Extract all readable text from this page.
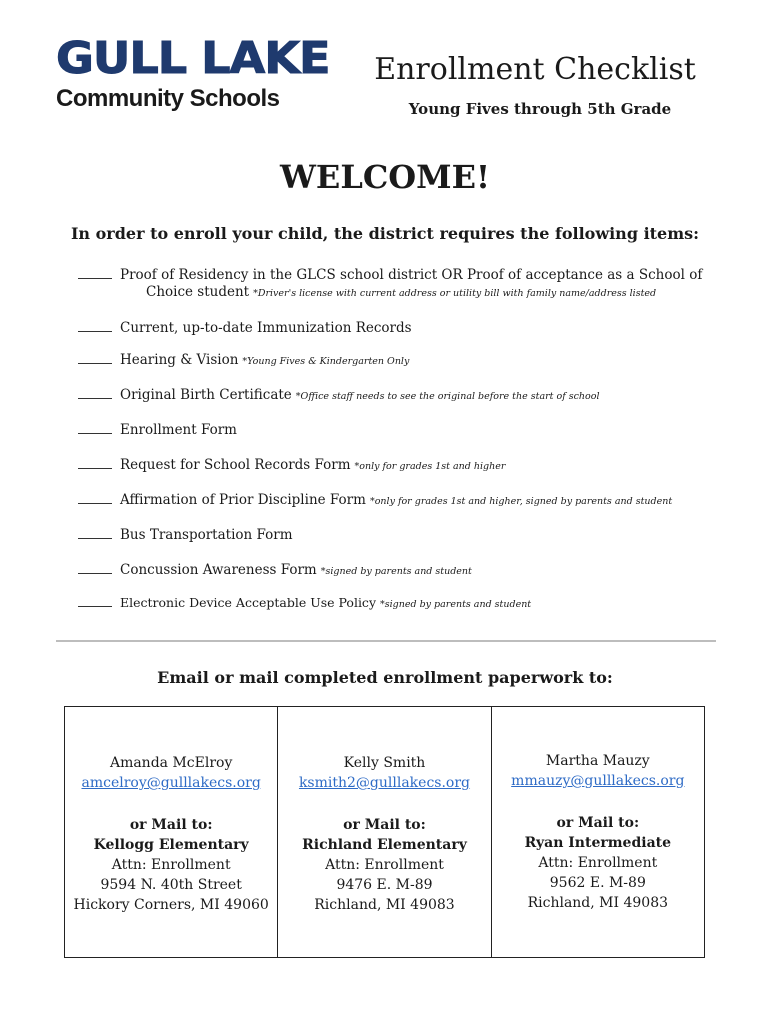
GULL LAKE
Community Schools
Enrollment Checklist
Young Fives through 5th Grade
WELCOME!
In order to enroll your child, the district requires the following items:
Proof of Residency in the GLCS school district OR Proof of acceptance as a School of
Choice student *Driver's license with current address or utility bill with family name/address listed
Current, up-to-date Immunization Records
Hearing & Vision *Young Fives & Kindergarten Only
Original Birth Certificate *Office staff needs to see the original before the start of school
Enrollment Form
Request for School Records Form *only for grades 1st and higher
Affirmation of Prior Discipline Form *only for grades 1st and higher, signed by parents and student
Bus Transportation Form
Concussion Awareness Form *signed by parents and student
Electronic Device Acceptable Use Policy *signed by parents and student
Email or mail completed enrollment paperwork to:
Amanda McElroy
amcelroy@gulllakecs.org
or Mail to:
Kellogg Elementary
Attn: Enrollment
9594 N. 40th Street
Hickory Corners, MI 49060
Kelly Smith
ksmith2@gulllakecs.org
or Mail to:
Richland Elementary
Attn: Enrollment
9476 E. M-89
Richland, MI 49083
Martha Mauzy
mmauzy@gulllakecs.org
or Mail to:
Ryan Intermediate
Attn: Enrollment
9562 E. M-89
Richland, MI 49083
